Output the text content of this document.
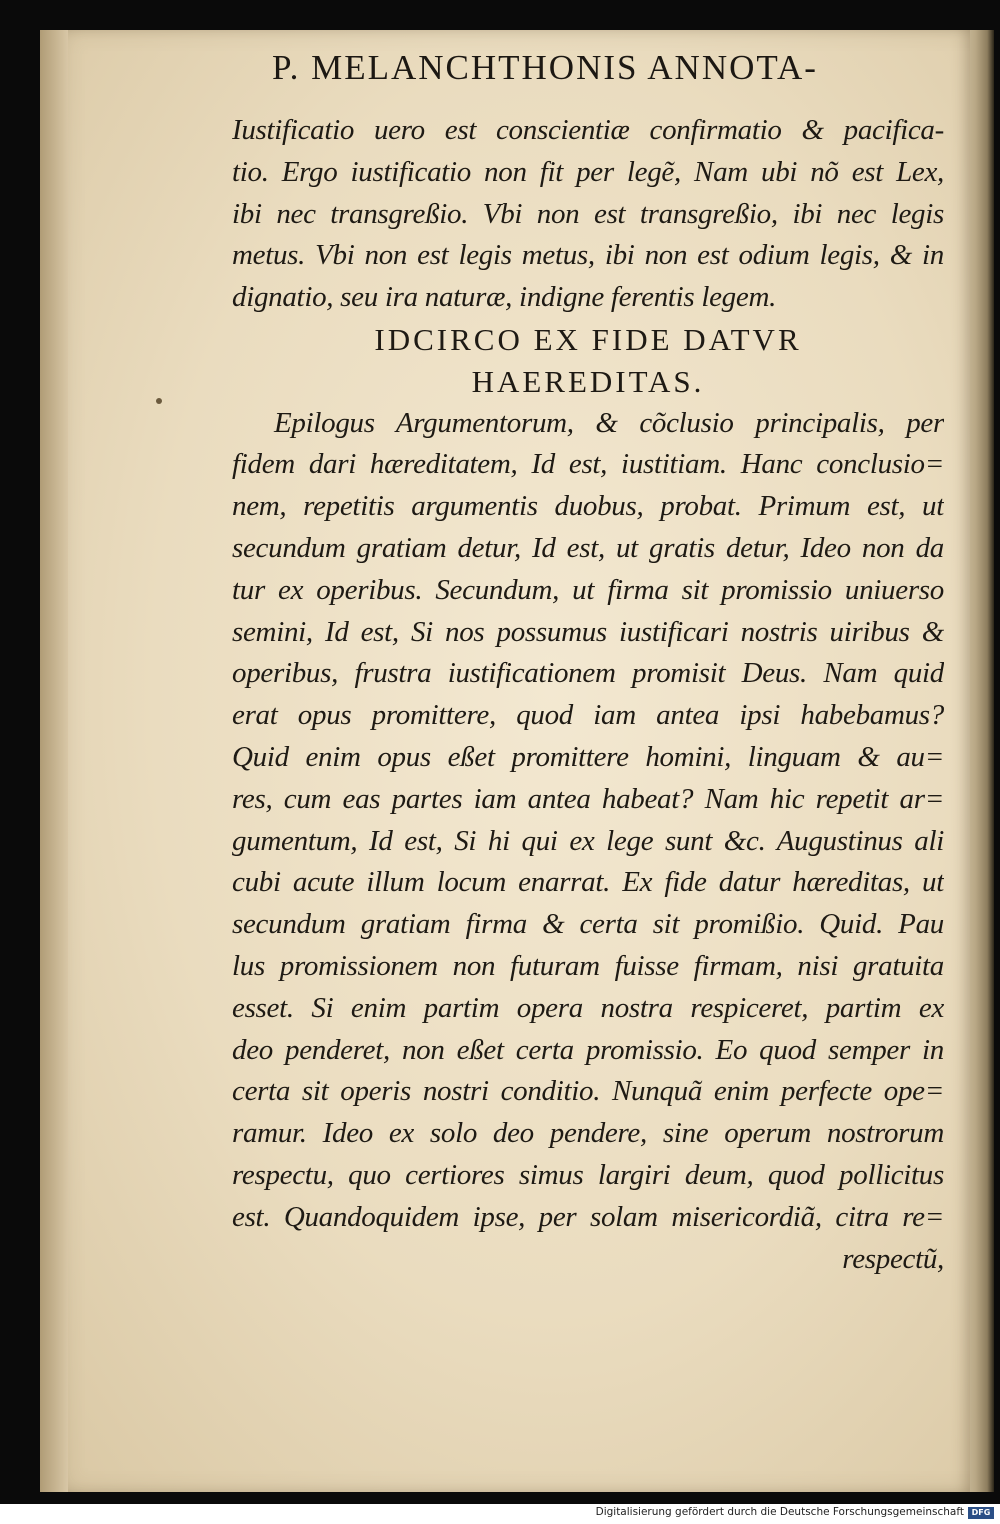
P. MELANCHTHONIS ANNOTA-
Iustificatio uero est conscientiæ confirmatio & pacifica-
tio. Ergo iustificatio non fit per legẽ, Nam ubi nõ est Lex,
ibi nec transgreßio. Vbi non est transgreßio, ibi nec legis
metus. Vbi non est legis metus, ibi non est odium legis, & in
dignatio, seu ira naturæ, indigne ferentis legem.
IDCIRCO EX FIDE DATVR
HAEREDITAS.
Epilogus Argumentorum, & cõclusio principalis, per
fidem dari hæreditatem, Id est, iustitiam. Hanc conclusio=
nem, repetitis argumentis duobus, probat. Primum est, ut
secundum gratiam detur, Id est, ut gratis detur, Ideo non da
tur ex operibus. Secundum, ut firma sit promissio uniuerso
semini, Id est, Si nos possumus iustificari nostris uiribus &
operibus, frustra iustificationem promisit Deus. Nam quid
erat opus promittere, quod iam antea ipsi habebamus?
Quid enim opus eßet promittere homini, linguam & au=
res, cum eas partes iam antea habeat? Nam hic repetit ar=
gumentum, Id est, Si hi qui ex lege sunt &c. Augustinus ali
cubi acute illum locum enarrat. Ex fide datur hæreditas, ut
secundum gratiam firma & certa sit promißio. Quid. Pau
lus promissionem non futuram fuisse firmam, nisi gratuita
esset. Si enim partim opera nostra respiceret, partim ex
deo penderet, non eßet certa promissio. Eo quod semper in
certa sit operis nostri conditio. Nunquã enim perfecte ope=
ramur. Ideo ex solo deo pendere, sine operum nostrorum
respectu, quo certiores simus largiri deum, quod pollicitus
est. Quandoquidem ipse, per solam misericordiã, citra re=
respectũ,
Digitalisierung gefördert durch die Deutsche Forschungsgemeinschaft DFG
